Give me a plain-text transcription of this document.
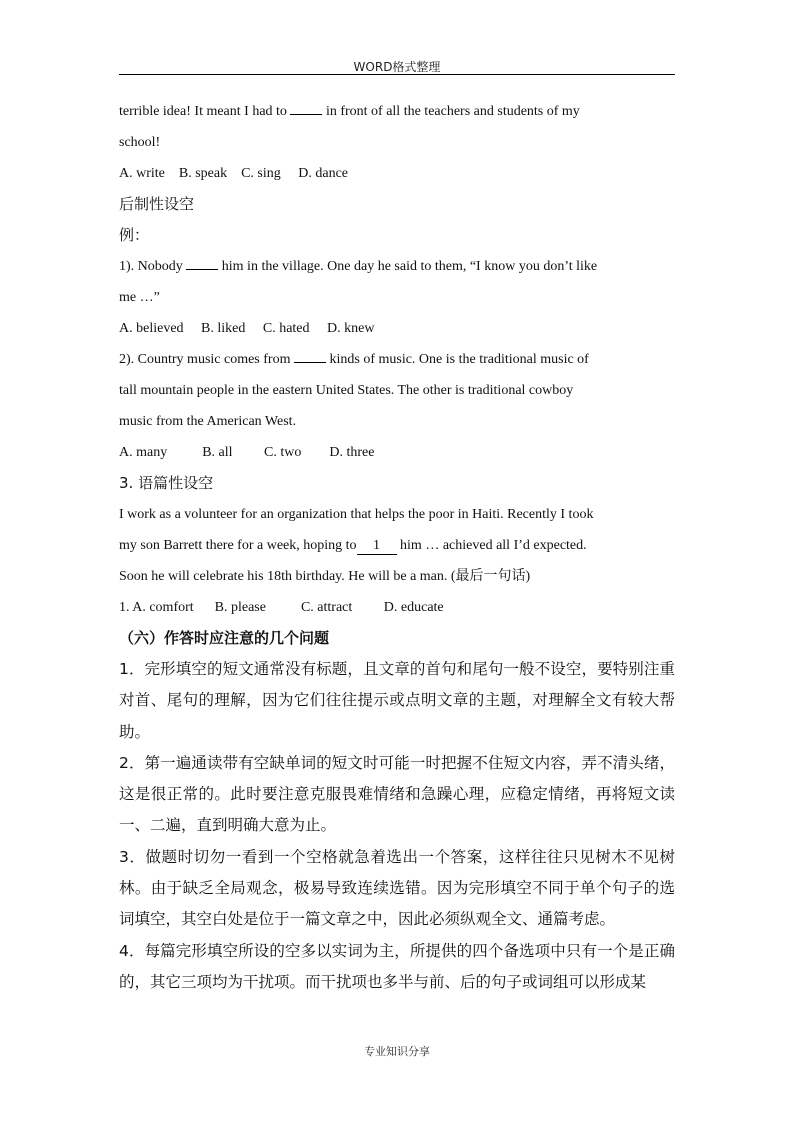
WORD格式整理

terrible idea! It meant I had to	in front of all the teachers and students of my

school!

A. write    B. speak    C. sing     D. dance

后制性设空

例：

1). Nobody	him in the village. One day he said to them, “I know you don’t like

me …”

A. believed     B. liked     C. hated     D. knew

2). Country music comes from	kinds of music. One is the traditional music of

tall mountain people in the eastern United States. The other is traditional cowboy

music from the American West.

A. many          B. all         C. two        D. three

3. 语篇性设空

I work as a volunteer for an organization that helps the poor in Haiti. Recently I took

my son Barrett there for a week, hoping to 1 him … achieved all I’d expected.

Soon he will celebrate his 18th birthday. He will be a man. (最后一句话)

1. A. comfort      B. please          C. attract         D. educate

（六）作答时应注意的几个问题

1．完形填空的短文通常没有标题，且文章的首句和尾句一般不设空，要特别注重对首、尾句的理解，因为它们往往提示或点明文章的主题，对理解全文有较大帮助。

2．第一遍通读带有空缺单词的短文时可能一时把握不住短文内容，弄不清头绪，这是很正常的。此时要注意克服畏难情绪和急躁心理，应稳定情绪，再将短文读一、二遍，直到明确大意为止。

3．做题时切勿一看到一个空格就急着选出一个答案，这样往往只见树木不见树林。由于缺乏全局观念，极易导致连续选错。因为完形填空不同于单个句子的选词填空，其空白处是位于一篇文章之中，因此必须纵观全文、通篇考虑。

4．每篇完形填空所设的空多以实词为主，所提供的四个备选项中只有一个是正确的，其它三项均为干扰项。而干扰项也多半与前、后的句子或词组可以形成某

专业知识分享
